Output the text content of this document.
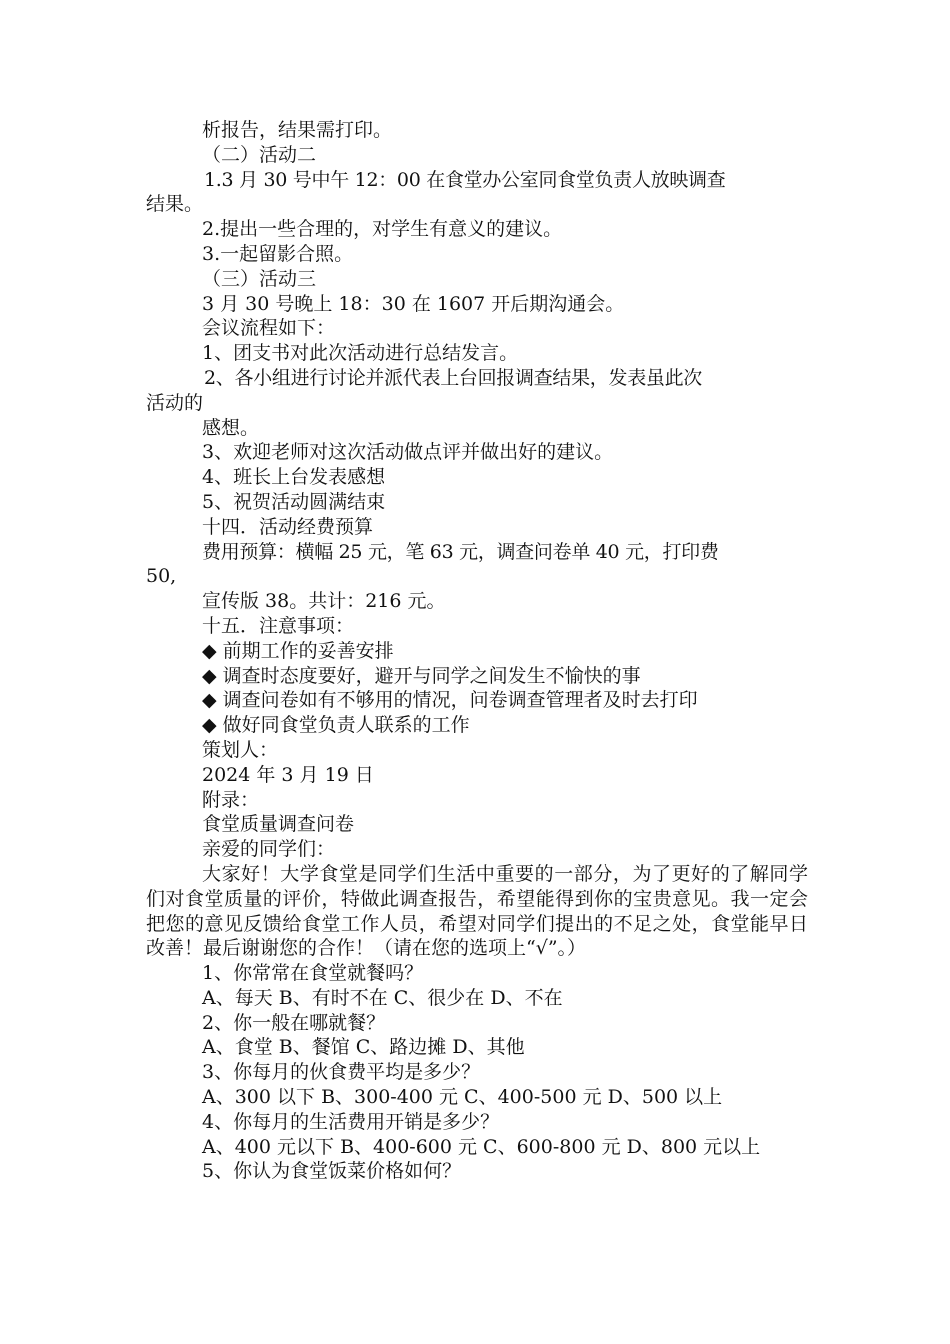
析报告，结果需打印。
（二）活动二
1.3 月 30 号中午 12：00 在食堂办公室同食堂负责人放映调查
结果。
2.提出一些合理的，对学生有意义的建议。
3.一起留影合照。
（三）活动三
3 月 30 号晚上 18：30 在 1607 开后期沟通会。
会议流程如下：
1、团支书对此次活动进行总结发言。
2、各小组进行讨论并派代表上台回报调查结果，发表虽此次
活动的
感想。
3、欢迎老师对这次活动做点评并做出好的建议。
4、班长上台发表感想
5、祝贺活动圆满结束
十四．活动经费预算
费用预算：横幅 25 元，笔 63 元，调查问卷单 40 元，打印费
50,
宣传版 38。共计：216 元。
十五．注意事项：
◆ 前期工作的妥善安排
◆ 调查时态度要好，避开与同学之间发生不愉快的事
◆ 调查问卷如有不够用的情况，问卷调查管理者及时去打印
◆ 做好同食堂负责人联系的工作
策划人：
2024 年 3 月 19 日
附录：
食堂质量调查问卷
亲爱的同学们：
大家好！大学食堂是同学们生活中重要的一部分，为了更好的了解同学们对食堂质量的评价，特做此调查报告，希望能得到你的宝贵意见。我一定会把您的意见反馈给食堂工作人员，希望对同学们提出的不足之处，食堂能早日改善！最后谢谢您的合作！（请在您的选项上“√”。）
1、你常常在食堂就餐吗？
A、每天 B、有时不在 C、很少在 D、不在
2、你一般在哪就餐？
A、食堂 B、餐馆 C、路边摊 D、其他
3、你每月的伙食费平均是多少？
A、300 以下 B、300-400 元 C、400-500 元 D、500 以上
4、你每月的生活费用开销是多少？
A、400 元以下 B、400-600 元 C、600-800 元 D、800 元以上
5、你认为食堂饭菜价格如何？
